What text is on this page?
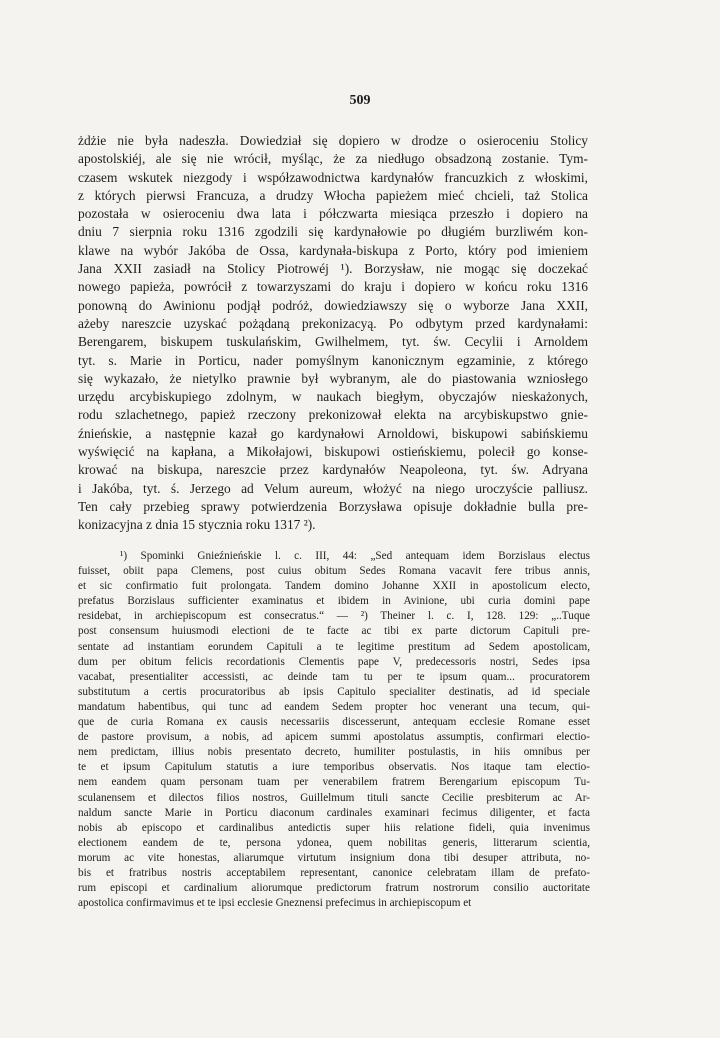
509
żdżie nie była nadeszła. Dowiedział się dopiero w drodze o osieroceniu Stolicy
apostolskiéj, ale się nie wrócił, myśląc, że za niedługo obsadzoną zostanie. Tym-
czasem wskutek niezgody i współzawodnictwa kardynałów francuzkich z włoskimi,
z których pierwsi Francuza, a drudzy Włocha papieżem mieć chcieli, taż Stolica
pozostała w osieroceniu dwa lata i półczwarta miesiąca przeszło i dopiero na
dniu 7 sierpnia roku 1316 zgodzili się kardynałowie po długiém burzliwém kon-
klawe na wybór Jakóba de Ossa, kardynała-biskupa z Porto, który pod imieniem
Jana XXII zasiadł na Stolicy Piotrowéj ¹). Borzysław, nie mogąc się doczekać
nowego papieża, powrócił z towarzyszami do kraju i dopiero w końcu roku 1316
ponowną do Awinionu podjął podróż, dowiedziawszy się o wyborze Jana XXII,
ażeby nareszcie uzyskać pożądaną prekonizacyą. Po odbytym przed kardynałami:
Berengarem, biskupem tuskulańskim, Gwilhelmem, tyt. św. Cecylii i Arnoldem
tyt. s. Marie in Porticu, nader pomyślnym kanonicznym egzaminie, z którego
się wykazało, że nietylko prawnie był wybranym, ale do piastowania wzniosłego
urzędu arcybiskupiego zdolnym, w naukach biegłym, obyczajów nieskażonych,
rodu szlachetnego, papież rzeczony prekonizował elekta na arcybiskupstwo gnie-
źnieńskie, a następnie kazał go kardynałowi Arnoldowi, biskupowi sabińskiemu
wyświęcić na kapłana, a Mikołajowi, biskupowi ostieńskiemu, polecił go konse-
krować na biskupa, nareszcie przez kardynałów Neapoleona, tyt. św. Adryana
i Jakóba, tyt. ś. Jerzego ad Velum aureum, włożyć na niego uroczyście palliusz.
Ten cały przebieg sprawy potwierdzenia Borzysława opisuje dokładnie bulla pre-
konizacyjna z dnia 15 stycznia roku 1317 ²).
¹) Spominki Gnieźnieńskie l. c. III, 44: „Sed antequam idem Borzislaus electus
fuisset, obiit papa Clemens, post cuius obitum Sedes Romana vacavit fere tribus annis,
et sic confirmatio fuit prolongata. Tandem domino Johanne XXII in apostolicum electo,
prefatus Borzislaus sufficienter examinatus et ibidem in Avinione, ubi curia domini pape
residebat, in archiepiscopum est consecratus.“ — ²) Theiner l. c. I, 128. 129: „..Tuque
post consensum huiusmodi electioni de te facte ac tibi ex parte dictorum Capituli pre-
sentate ad instantiam eorundem Capituli a te legitime prestitum ad Sedem apostolicam,
dum per obitum felicis recordationis Clementis pape V, predecessoris nostri, Sedes ipsa
vacabat, presentialiter accessisti, ac deinde tam tu per te ipsum quam... procuratorem
substitutum a certis procuratoribus ab ipsis Capitulo specialiter destinatis, ad id speciale
mandatum habentibus, qui tunc ad eandem Sedem propter hoc venerant una tecum, qui-
que de curia Romana ex causis necessariis discesserunt, antequam ecclesie Romane esset
de pastore provisum, a nobis, ad apicem summi apostolatus assumptis, confirmari electio-
nem predictam, illius nobis presentato decreto, humiliter postulastis, in hiis omnibus per
te et ipsum Capitulum statutis a iure temporibus observatis. Nos itaque tam electio-
nem eandem quam personam tuam per venerabilem fratrem Berengarium episcopum Tu-
sculanensem et dilectos filios nostros, Guillelmum tituli sancte Cecilie presbiterum ac Ar-
naldum sancte Marie in Porticu diaconum cardinales examinari fecimus diligenter, et facta
nobis ab episcopo et cardinalibus antedictis super hiis relatione fideli, quia invenimus
electionem eandem de te, persona ydonea, quem nobilitas generis, litterarum scientia,
morum ac vite honestas, aliarumque virtutum insignium dona tibi desuper attributa, no-
bis et fratribus nostris acceptabilem representant, canonice celebratam illam de prefato-
rum episcopi et cardinalium aliorumque predictorum fratrum nostrorum consilio auctoritate
apostolica confirmavimus et te ipsi ecclesie Gneznensi prefecimus in archiepiscopum et
